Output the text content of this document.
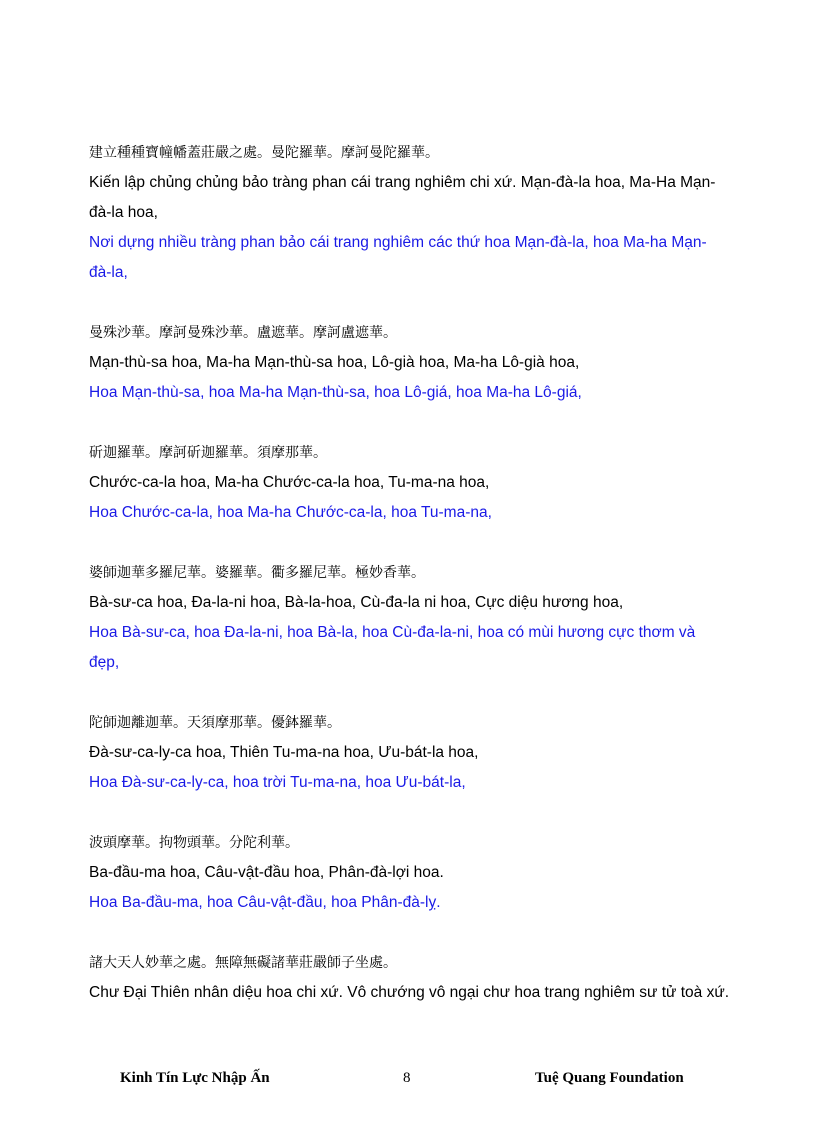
建立種種寶幢幡蓋莊嚴之處。曼陀羅華。摩訶曼陀羅華。
Kiến lập chủng chủng bảo tràng phan cái trang nghiêm chi xứ. Mạn-đà-la hoa, Ma-Ha Mạn-đà-la hoa,
Nơi dựng nhiều tràng phan bảo cái trang nghiêm các thứ hoa Mạn-đà-la, hoa Ma-ha Mạn-đà-la,
曼殊沙華。摩訶曼殊沙華。盧遮華。摩訶盧遮華。
Mạn-thù-sa hoa, Ma-ha Mạn-thù-sa hoa, Lô-già hoa, Ma-ha Lô-già hoa,
Hoa Mạn-thù-sa, hoa Ma-ha Mạn-thù-sa, hoa Lô-giá, hoa Ma-ha Lô-giá,
斫迦羅華。摩訶斫迦羅華。須摩那華。
Chước-ca-la hoa, Ma-ha Chước-ca-la hoa, Tu-ma-na hoa,
Hoa Chước-ca-la, hoa Ma-ha Chước-ca-la, hoa Tu-ma-na,
婆師迦華多羅尼華。婆羅華。衢多羅尼華。極妙香華。
Bà-sư-ca hoa, Đa-la-ni hoa, Bà-la-hoa, Cù-đa-la ni hoa, Cực diệu hương hoa,
Hoa Bà-sư-ca, hoa Đa-la-ni, hoa Bà-la, hoa Cù-đa-la-ni, hoa có mùi hương cực thơm và đẹp,
陀師迦離迦華。天須摩那華。優鉢羅華。
Đà-sư-ca-ly-ca hoa, Thiên Tu-ma-na hoa, Ưu-bát-la hoa,
Hoa Đà-sư-ca-ly-ca, hoa trời Tu-ma-na, hoa Ưu-bát-la,
波頭摩華。拘物頭華。分陀利華。
Ba-đầu-ma hoa, Câu-vật-đầu hoa, Phân-đà-lợi hoa.
Hoa Ba-đầu-ma, hoa Câu-vật-đầu, hoa Phân-đà-lỵ.
諸大天人妙華之處。無障無礙諸華莊嚴師子坐處。
Chư Đại Thiên nhân diệu hoa chi xứ. Vô chướng vô ngại chư hoa trang nghiêm sư tử toà xứ.
Kinh Tín Lực Nhập Ấn	8	Tuệ Quang Foundation
